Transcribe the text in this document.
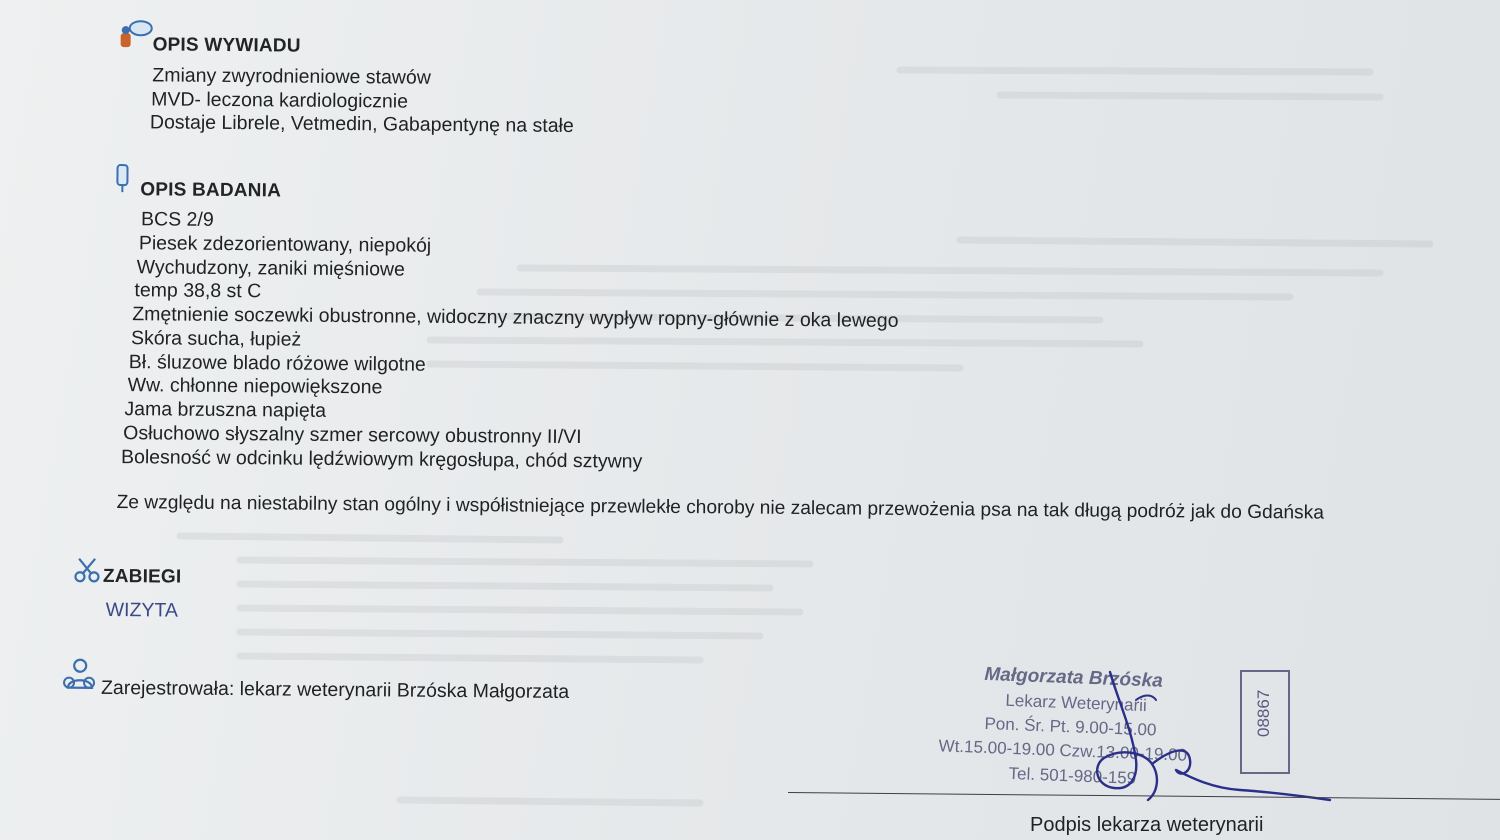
OPIS WYWIADU
Zmiany zwyrodnieniowe stawów
MVD- leczona kardiologicznie
Dostaje Librele, Vetmedin, Gabapentynę na stałe
OPIS BADANIA
BCS 2/9
Piesek zdezorientowany, niepokój
Wychudzony, zaniki mięśniowe
temp 38,8 st C
Zmętnienie soczewki obustronne, widoczny znaczny wypływ ropny-głównie z oka lewego
Skóra sucha, łupież
Bł. śluzowe blado różowe wilgotne
Ww. chłonne niepowiększone
Jama brzuszna napięta
Osłuchowo słyszalny szmer sercowy obustronny II/VI
Bolesność w odcinku lędźwiowym kręgosłupa, chód sztywny
Ze względu na niestabilny stan ogólny i współistniejące przewlekłe choroby nie zalecam przewożenia psa na tak długą podróż jak do Gdańska
ZABIEGI
WIZYTA
Zarejestrowała: lekarz weterynarii Brzóska Małgorzata	Małgorzata Brzóska
Lekarz Weterynarii
Pon. Śr. Pt. 9.00-15.00
Wt.15.00-19.00 Czw.13.00-19.00
Tel. 501-980-159
08867
Podpis lekarza weterynarii
